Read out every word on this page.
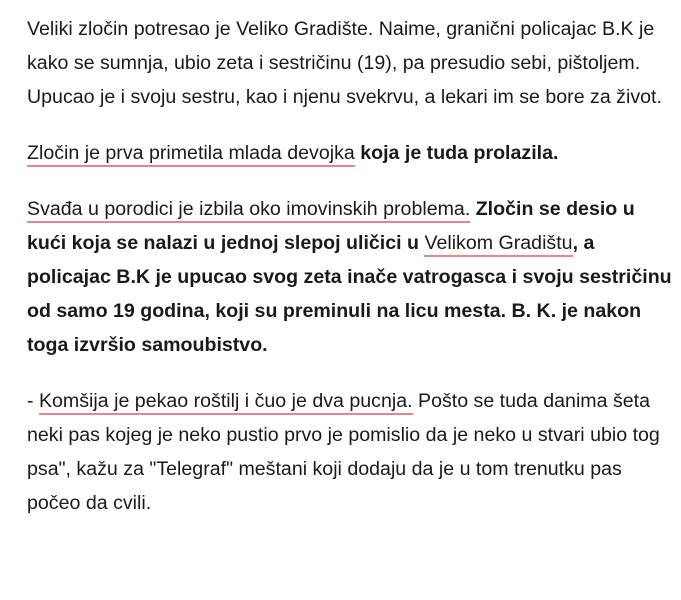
Veliki zločin potresao je Veliko Gradište. Naime, granični policajac B.K je kako se sumnja, ubio zeta i sestričinu (19), pa presudio sebi, pištoljem. Upucao je i svoju sestru, kao i njenu svekrvu, a lekari im se bore za život.

Zločin je prva primetila mlada devojka koja je tuda prolazila.

Svađa u porodici je izbila oko imovinskih problema. Zločin se desio u kući koja se nalazi u jednoj slepoj uličici u Velikom Gradištu, a policajac B.K je upucao svog zeta inače vatrogasca i svoju sestričinu od samo 19 godina, koji su preminuli na licu mesta. B. K. je nakon toga izvršio samoubistvo.

- Komšija je pekao roštilj i čuo je dva pucnja. Pošto se tuda danima šeta neki pas kojeg je neko pustio prvo je pomislio da je neko u stvari ubio tog psa", kažu za "Telegraf" meštani koji dodaju da je u tom trenutku pas počeo da cvili.
